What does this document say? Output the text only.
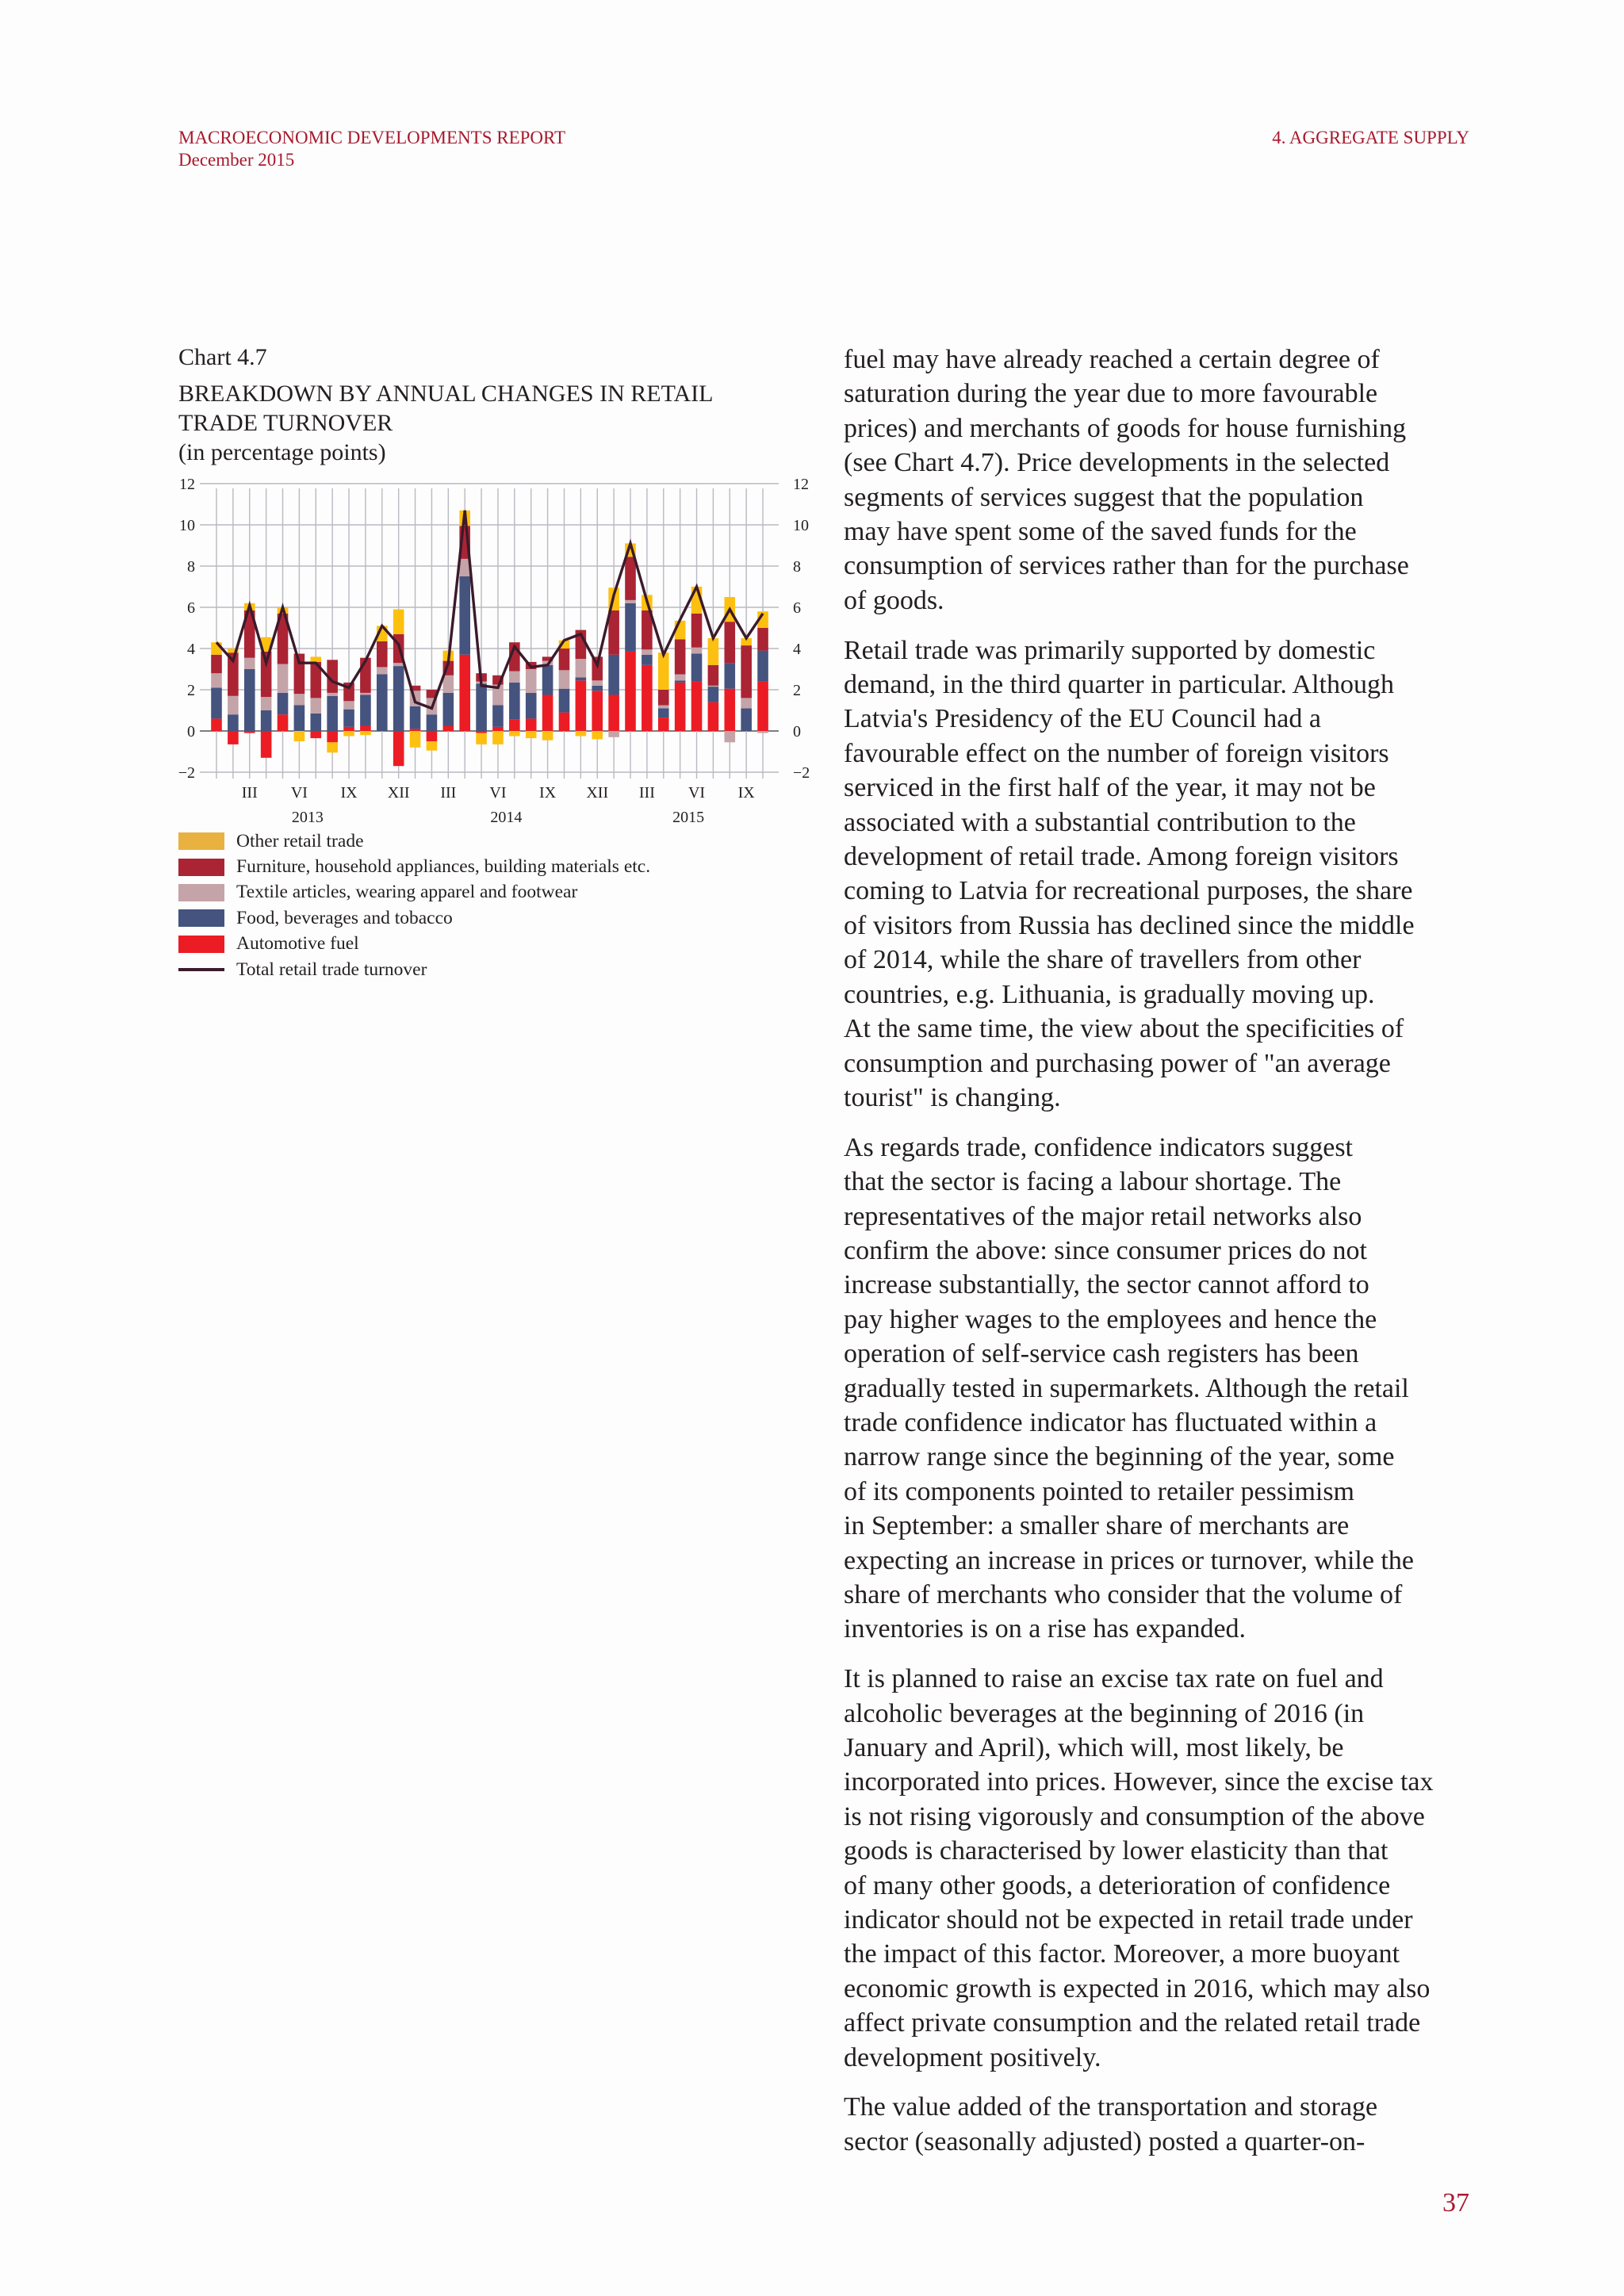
MACROECONOMIC DEVELOPMENTS REPORT
December 2015
4. AGGREGATE SUPPLY
Chart 4.7
BREAKDOWN BY ANNUAL CHANGES IN RETAIL TRADE TURNOVER
(in percentage points)
12	12
10	10
8	8
6	6
4	4
2	2
0	0
−2	−2
III VI IX XII III VI IX XII III VI IX
2013	2014	2015
Other retail trade
Furniture, household appliances, building materials etc.
Textile articles, wearing apparel and footwear
Food, beverages and tobacco
Automotive fuel
Total retail trade turnover
fuel may have already reached a certain degree of
saturation during the year due to more favourable
prices) and merchants of goods for house furnishing
(see Chart 4.7). Price developments in the selected
segments of services suggest that the population
may have spent some of the saved funds for the
consumption of services rather than for the purchase
of goods.
Retail trade was primarily supported by domestic
demand, in the third quarter in particular. Although
Latvia's Presidency of the EU Council had a
favourable effect on the number of foreign visitors
serviced in the first half of the year, it may not be
associated with a substantial contribution to the
development of retail trade. Among foreign visitors
coming to Latvia for recreational purposes, the share
of visitors from Russia has declined since the middle
of 2014, while the share of travellers from other
countries, e.g. Lithuania, is gradually moving up.
At the same time, the view about the specificities of
consumption and purchasing power of "an average
tourist" is changing.
As regards trade, confidence indicators suggest
that the sector is facing a labour shortage. The
representatives of the major retail networks also
confirm the above: since consumer prices do not
increase substantially, the sector cannot afford to
pay higher wages to the employees and hence the
operation of self-service cash registers has been
gradually tested in supermarkets. Although the retail
trade confidence indicator has fluctuated within a
narrow range since the beginning of the year, some
of its components pointed to retailer pessimism
in September: a smaller share of merchants are
expecting an increase in prices or turnover, while the
share of merchants who consider that the volume of
inventories is on a rise has expanded.
It is planned to raise an excise tax rate on fuel and
alcoholic beverages at the beginning of 2016 (in
January and April), which will, most likely, be
incorporated into prices. However, since the excise tax
is not rising vigorously and consumption of the above
goods is characterised by lower elasticity than that
of many other goods, a deterioration of confidence
indicator should not be expected in retail trade under
the impact of this factor. Moreover, a more buoyant
economic growth is expected in 2016, which may also
affect private consumption and the related retail trade
development positively.
The value added of the transportation and storage
sector (seasonally adjusted) posted a quarter-on-
37
